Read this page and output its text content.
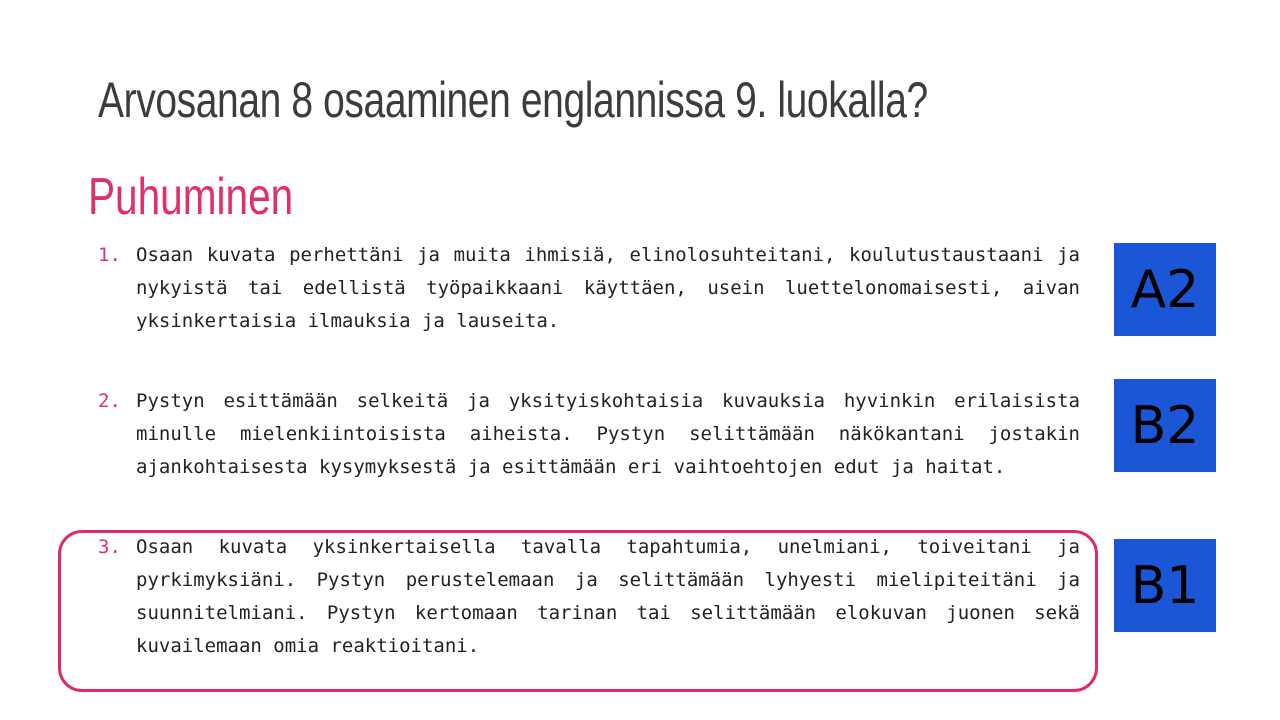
Arvosanan 8 osaaminen englannissa 9. luokalla?
Puhuminen
1. Osaan kuvata perhettäni ja muita ihmisiä, elinolosuhteitani, koulutustaustaani ja nykyistä tai edellistä työpaikkaani käyttäen, usein luettelonomaisesti, aivan yksinkertaisia ilmauksia ja lauseita.
2. Pystyn esittämään selkeitä ja yksityiskohtaisia kuvauksia hyvinkin erilaisista minulle mielenkiintoisista aiheista. Pystyn selittämään näkökantani jostakin ajankohtaisesta kysymyksestä ja esittämään eri vaihtoehtojen edut ja haitat.
3. Osaan kuvata yksinkertaisella tavalla tapahtumia, unelmiani, toiveitani ja pyrkimyksiäni. Pystyn perustelemaan ja selittämään lyhyesti mielipiteitäni ja suunnitelmiani. Pystyn kertomaan tarinan tai selittämään elokuvan juonen sekä kuvailemaan omia reaktioitani.
A2
B2
B1
